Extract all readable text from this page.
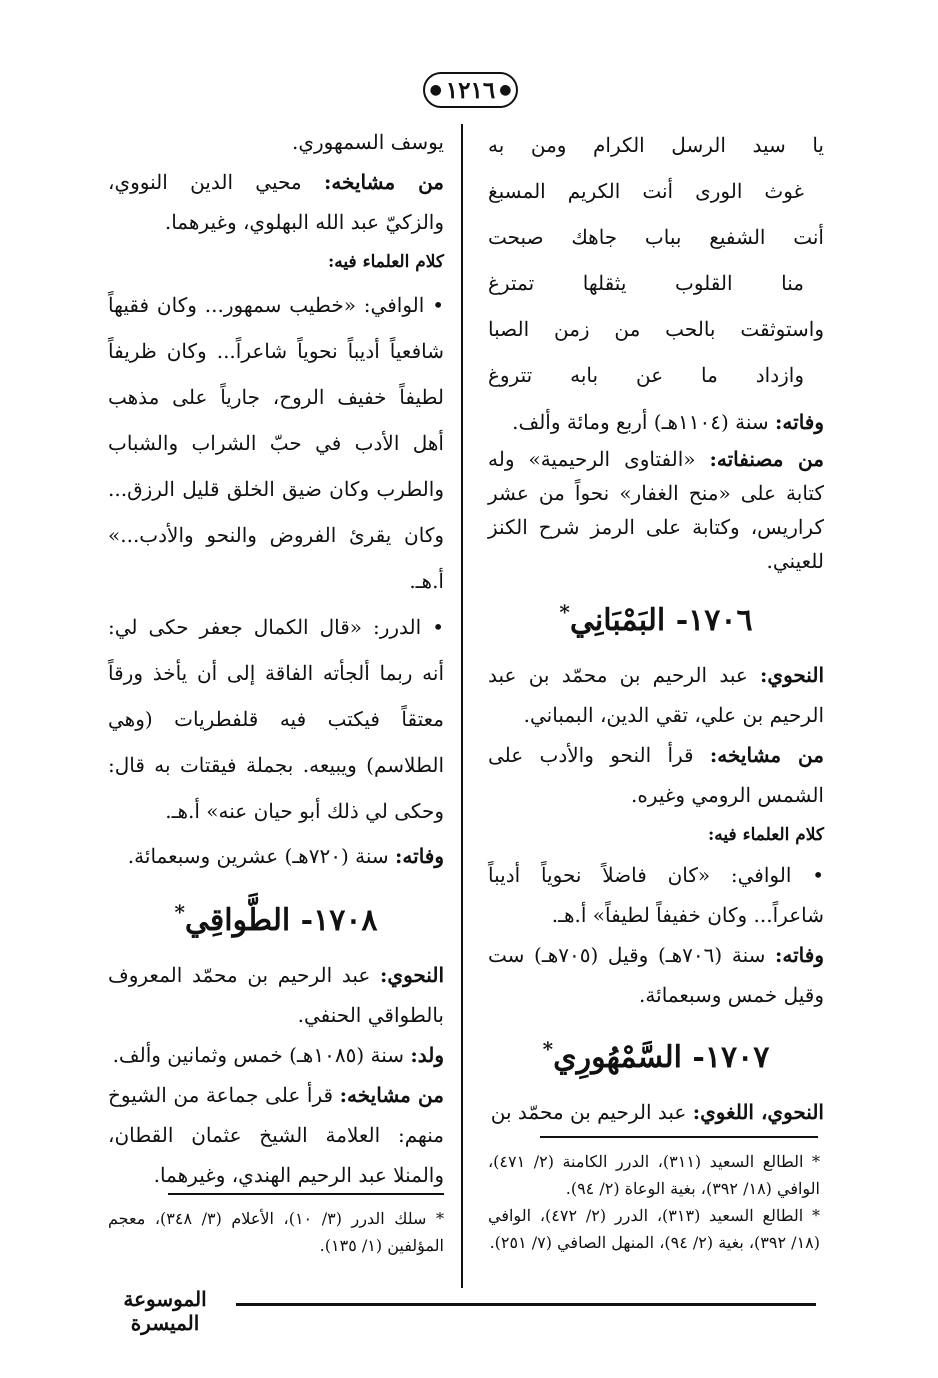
●
١٢١٦
●

يا سيد الرسل الكرام ومن به

غوث الورى أنت الكريم المسبغ

أنت الشفيع بباب جاهك صبحت

منا القلوب يثقلها تمترغ

واستوثقت بالحب من زمن الصبا

وازداد ما عن بابه تتروغ

وفاته: سنة (١١٠٤هـ) أربع ومائة وألف.

من مصنفاته: «الفتاوى الرحيمية» وله كتابة على «منح الغفار» نحواً من عشر كراريس، وكتابة على الرمز شرح الكنز للعيني.

١٧٠٦- البَمْبَانِي*

النحوي: عبد الرحيم بن محمّد بن عبد الرحيم بن علي، تقي الدين، البمباني.

من مشايخه: قرأ النحو والأدب على الشمس الرومي وغيره.

كلام العلماء فيه:

• الوافي: «كان فاضلاً نحوياً أديباً شاعراً... وكان خفيفاً لطيفاً» أ.هـ.

وفاته: سنة (٧٠٦هـ) وقيل (٧٠٥هـ) ست وقيل خمس وسبعمائة.

١٧٠٧- السَّمْهُورِي*

النحوي، اللغوي: عبد الرحيم بن محمّد بن

يوسف السمهوري.

من مشايخه: محيي الدين النووي، والزكيّ عبد الله البهلوي، وغيرهما.

كلام العلماء فيه:

• الوافي: «خطيب سمهور... وكان فقيهاً شافعياً أديباً نحوياً شاعراً... وكان ظريفاً لطيفاً خفيف الروح، جارياً على مذهب أهل الأدب في حبّ الشراب والشباب والطرب وكان ضيق الخلق قليل الرزق... وكان يقرئ الفروض والنحو والأدب...» أ.هـ.

• الدرر: «قال الكمال جعفر حكى لي: أنه ربما ألجأته الفاقة إلى أن يأخذ ورقاً معتقاً فيكتب فيه قلفطريات (وهي الطلاسم) ويبيعه. بجملة فيقتات به قال: وحكى لي ذلك أبو حيان عنه» أ.هـ.

وفاته: سنة (٧٢٠هـ) عشرين وسبعمائة.

١٧٠٨- الطَّواقِي*

النحوي: عبد الرحيم بن محمّد المعروف بالطواقي الحنفي.

ولد: سنة (١٠٨٥هـ) خمس وثمانين وألف.

من مشايخه: قرأ على جماعة من الشيوخ منهم: العلامة الشيخ عثمان القطان، والمنلا عبد الرحيم الهندي، وغيرهما.

* الطالع السعيد (٣١١)، الدرر الكامنة (٢/ ٤٧١)، الوافي (١٨/ ٣٩٢)، بغية الوعاة (٢/ ٩٤).

* الطالع السعيد (٣١٣)، الدرر (٢/ ٤٧٢)، الوافي (١٨/ ٣٩٢)، بغية (٢/ ٩٤)، المنهل الصافي (٧/ ٢٥١).

* سلك الدرر (٣/ ١٠)، الأعلام (٣/ ٣٤٨)، معجم المؤلفين (١/ ١٣٥).

الموسوعة الميسرة
